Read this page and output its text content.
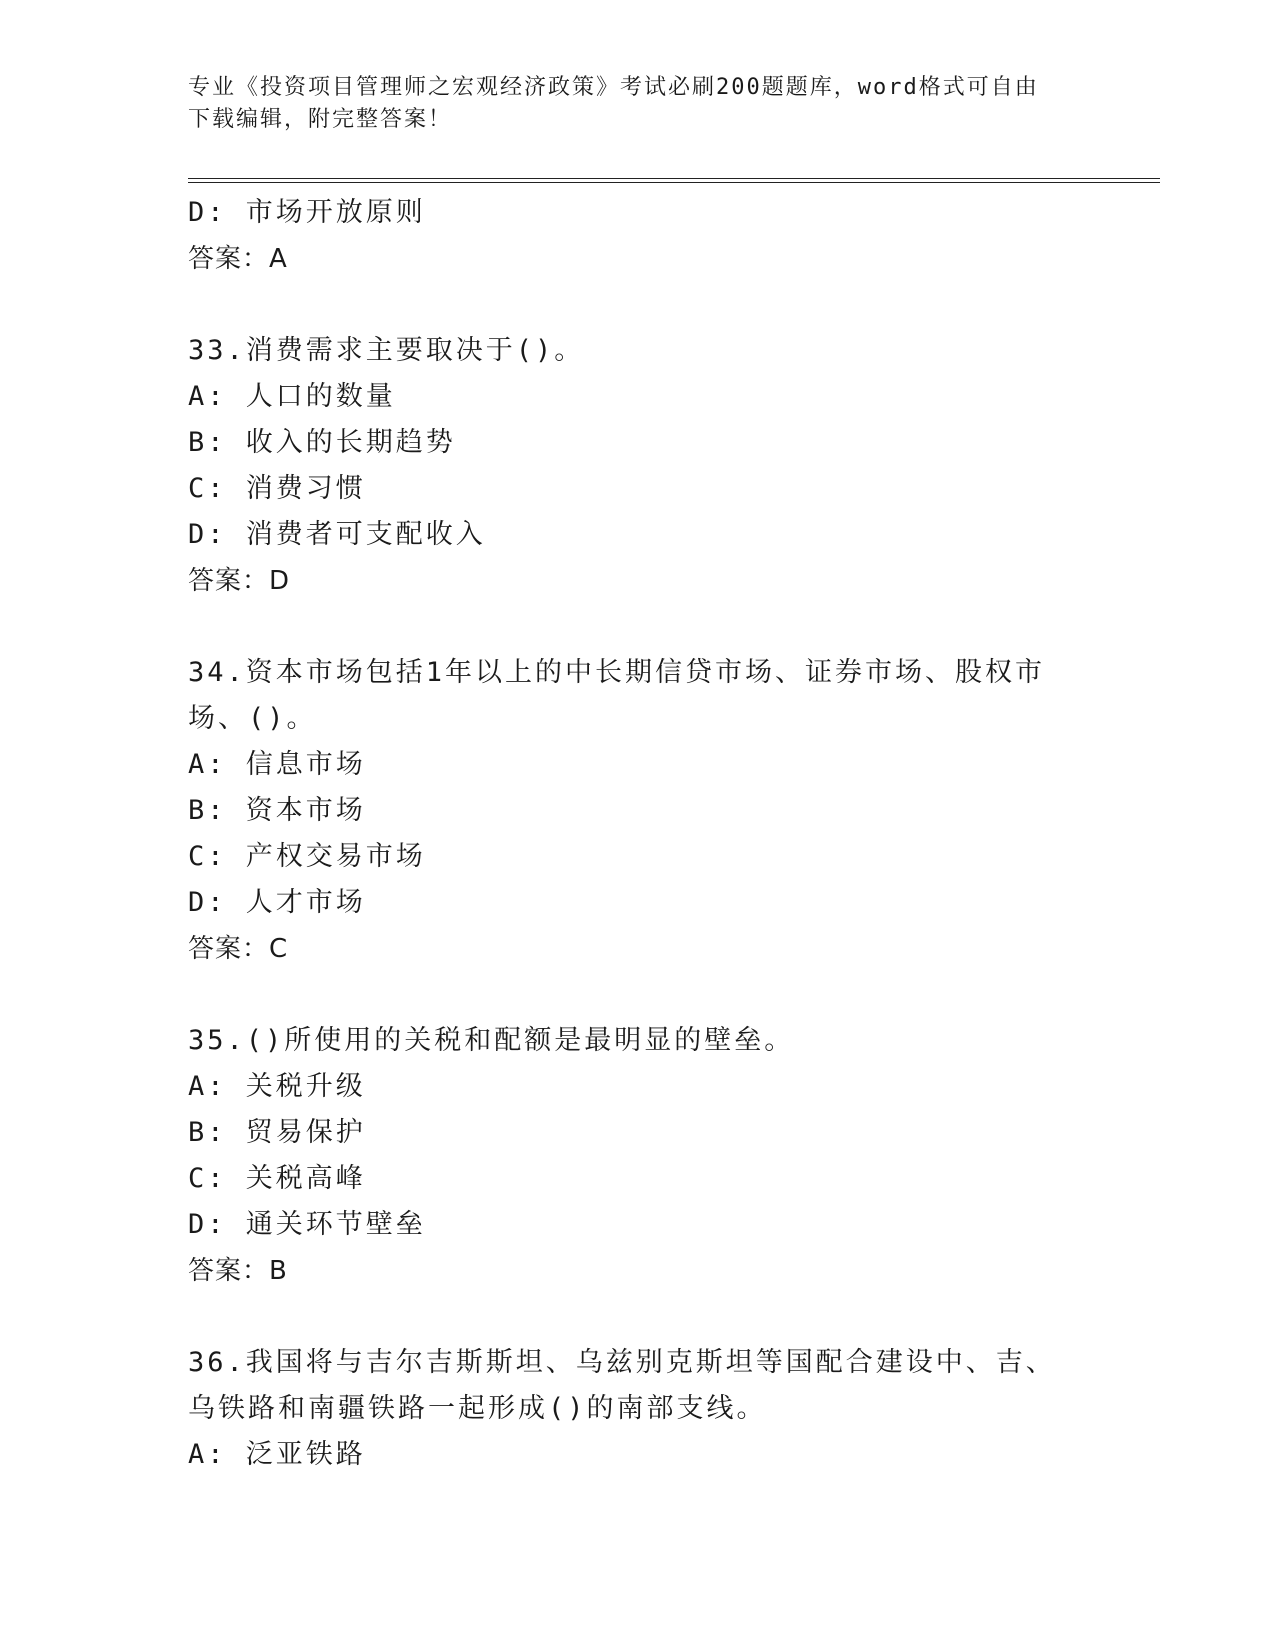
专业《投资项目管理师之宏观经济政策》考试必刷200题题库，word格式可自由
下载编辑，附完整答案！
D: 市场开放原则
答案：A
33.消费需求主要取决于()。
A: 人口的数量
B: 收入的长期趋势
C: 消费习惯
D: 消费者可支配收入
答案：D
34.资本市场包括1年以上的中长期信贷市场、证券市场、股权市场、()。
A: 信息市场
B: 资本市场
C: 产权交易市场
D: 人才市场
答案：C
35.()所使用的关税和配额是最明显的壁垒。
A: 关税升级
B: 贸易保护
C: 关税高峰
D: 通关环节壁垒
答案：B
36.我国将与吉尔吉斯斯坦、乌兹别克斯坦等国配合建设中、吉、乌铁路和南疆铁路一起形成()的南部支线。
A: 泛亚铁路
